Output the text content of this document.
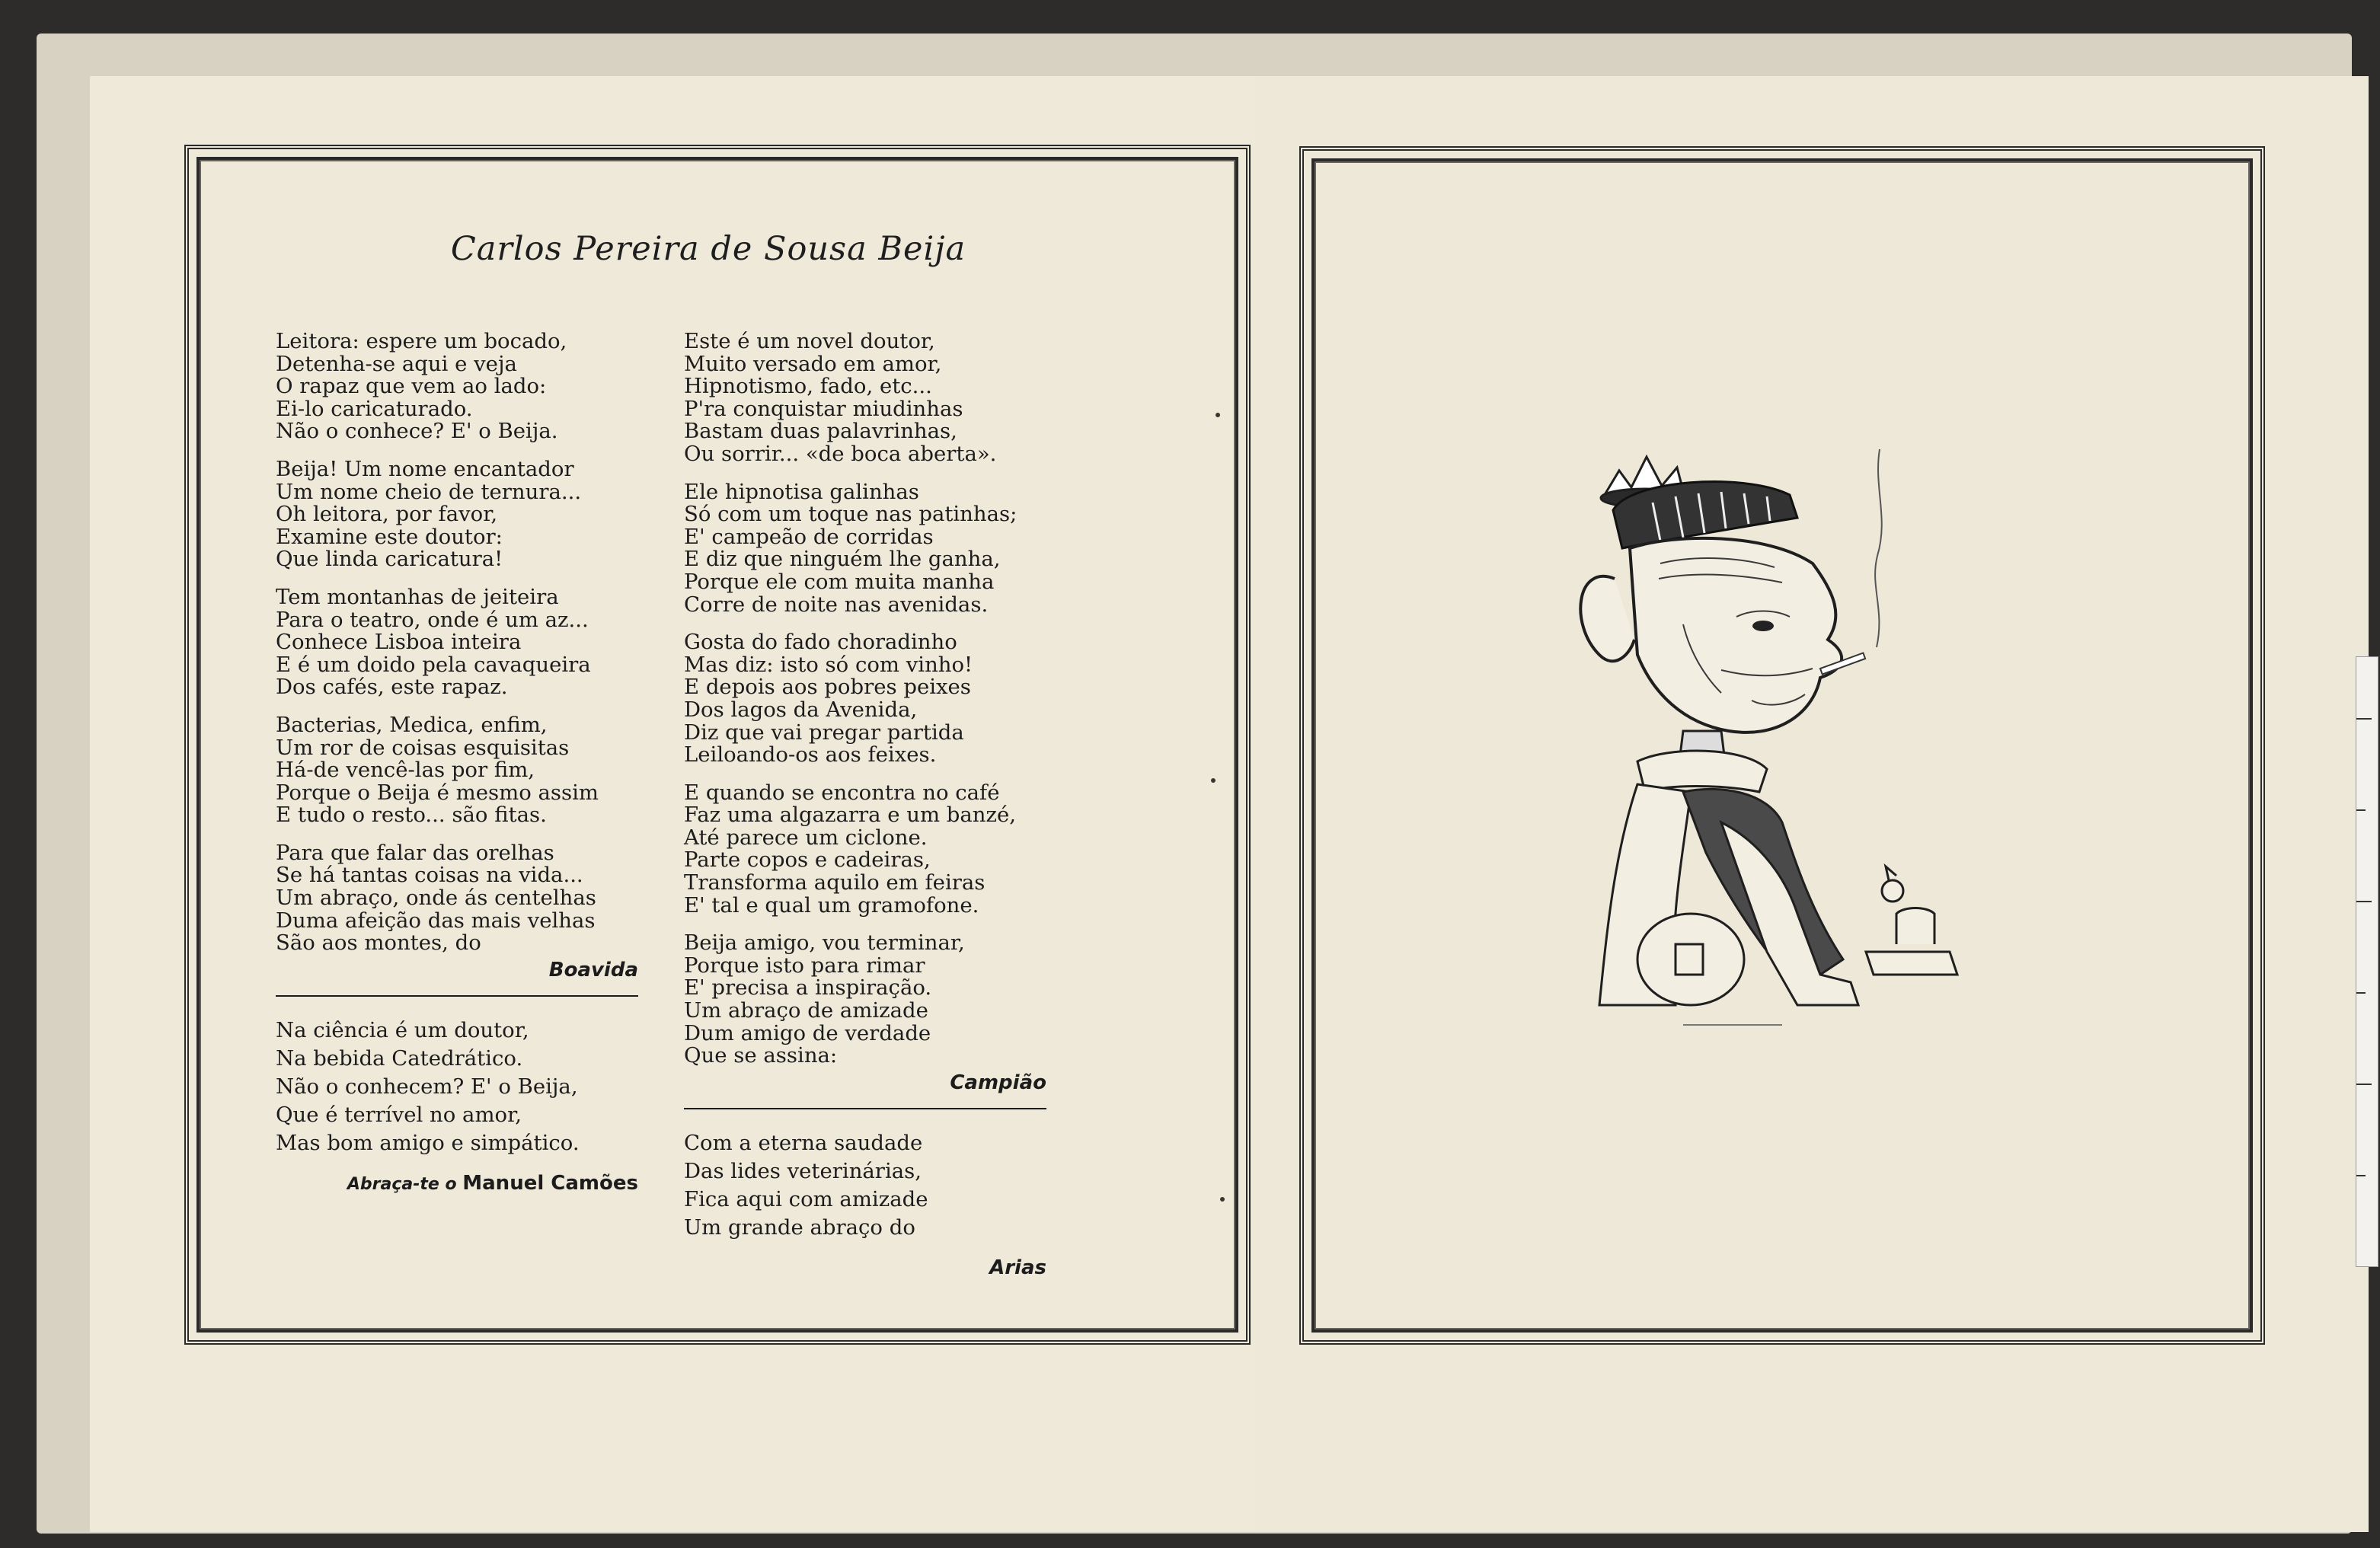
Carlos Pereira de Sousa Beija

Leitora: espere um bocado,

Detenha-se aqui e veja

O rapaz que vem ao lado:

Ei-lo caricaturado.

Não o conhece? E' o Beija.

Beija! Um nome encantador

Um nome cheio de ternura...

Oh leitora, por favor,

Examine este doutor:

Que linda caricatura!

Tem montanhas de jeiteira

Para o teatro, onde é um az...

Conhece Lisboa inteira

E é um doido pela cavaqueira

Dos cafés, este rapaz.

Bacterias, Medica, enfim,

Um ror de coisas esquisitas

Há-de vencê-las por fim,

Porque o Beija é mesmo assim

E tudo o resto... são fitas.

Para que falar das orelhas

Se há tantas coisas na vida...

Um abraço, onde ás centelhas

Duma afeição das mais velhas

São aos montes, do

Boavida

Na ciência é um doutor,

Na bebida Catedrático.

Não o conhecem? E' o Beija,

Que é terrível no amor,

Mas bom amigo e simpático.

Abraça-te o Manuel Camões

Este é um novel doutor,

Muito versado em amor,

Hipnotismo, fado, etc...

P'ra conquistar miudinhas

Bastam duas palavrinhas,

Ou sorrir... «de boca aberta».

Ele hipnotisa galinhas

Só com um toque nas patinhas;

E' campeão de corridas

E diz que ninguém lhe ganha,

Porque ele com muita manha

Corre de noite nas avenidas.

Gosta do fado choradinho

Mas diz: isto só com vinho!

E depois aos pobres peixes

Dos lagos da Avenida,

Diz que vai pregar partida

Leiloando-os aos feixes.

E quando se encontra no café

Faz uma algazarra e um banzé,

Até parece um ciclone.

Parte copos e cadeiras,

Transforma aquilo em feiras

E' tal e qual um gramofone.

Beija amigo, vou terminar,

Porque isto para rimar

E' precisa a inspiração.

Um abraço de amizade

Dum amigo de verdade

Que se assina:

Campião

Com a eterna saudade

Das lides veterinárias,

Fica aqui com amizade

Um grande abraço do

Arias
